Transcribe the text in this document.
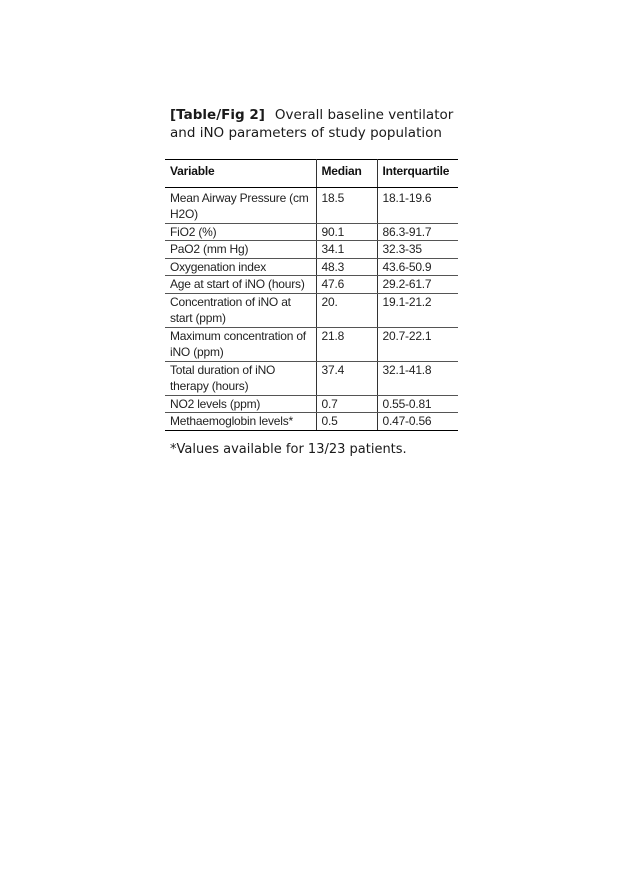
[Table/Fig 2] Overall baseline ventilator and iNO parameters of study population
Variable	Median	Interquartile
Mean Airway Pressure (cm H2O)	18.5	18.1-19.6
FiO2 (%)	90.1	86.3-91.7
PaO2 (mm Hg)	34.1	32.3-35
Oxygenation index	48.3	43.6-50.9
Age at start of iNO (hours)	47.6	29.2-61.7
Concentration of iNO at start (ppm)	20.	19.1-21.2
Maximum concentration of iNO (ppm)	21.8	20.7-22.1
Total duration of iNO therapy (hours)	37.4	32.1-41.8
NO2 levels (ppm)	0.7	0.55-0.81
Methaemoglobin levels*	0.5	0.47-0.56
*Values available for 13/23 patients.
